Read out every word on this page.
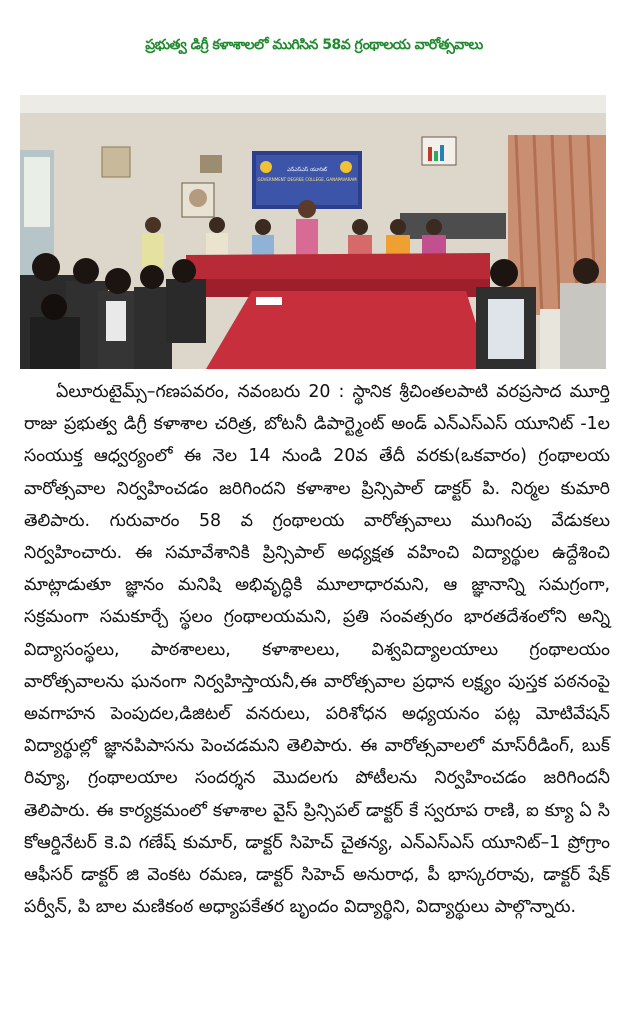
ప్రభుత్వ డిగ్రీ కళాశాలలో ముగిసిన 58వ గ్రంథాలయ వారోత్సవాలు
ఎన్ఎస్ఎస్ యూనిట్
GOVERNMENT DEGREE COLLEGE, GANAPAVARAM

ఏలూరుటైమ్స్–గణపవరం, నవంబరు 20 : స్థానిక శ్రీచింతలపాటి వరప్రసాద మూర్తి రాజు ప్రభుత్వ డిగ్రీ కళాశాల చరిత్ర, బోటనీ డిపార్ట్మెంట్ అండ్ ఎన్ఎస్ఎస్ యూనిట్ -1ల సంయుక్త ఆధ్వర్యంలో ఈ నెల 14 నుండి 20వ తేదీ వరకు(ఒకవారం) గ్రంథాలయ వారోత్సవాల నిర్వహించడం జరిగిందని కళాశాల ప్రిన్సిపాల్ డాక్టర్ పి. నిర్మల కుమారి తెలిపారు. గురువారం 58 వ గ్రంథాలయ వారోత్సవాలు ముగింపు వేడుకలు నిర్వహించారు. ఈ సమావేశానికి ప్రిన్సిపాల్ అధ్యక్షత వహించి విద్యార్థుల ఉద్దేశించి మాట్లాడుతూ జ్ఞానం మనిషి అభివృద్ధికి మూలాధారమని, ఆ జ్ఞానాన్ని సమగ్రంగా, సక్రమంగా సమకూర్చే స్థలం గ్రంథాలయమని, ప్రతి సంవత్సరం భారతదేశంలోని అన్ని విద్యాసంస్థలు, పాఠశాలలు, కళాశాలలు, విశ్వవిద్యాలయాలు గ్రంథాలయం వారోత్సవాలను ఘనంగా నిర్వహిస్తాయనీ,ఈ వారోత్సవాల ప్రధాన లక్ష్యం పుస్తక పఠనంపై అవగాహన పెంపుదల,డిజిటల్ వనరులు, పరిశోధన అధ్యయనం పట్ల మోటివేషన్ విద్యార్థుల్లో జ్ఞానపిపాసను పెంచడమని తెలిపారు. ఈ వారోత్సవాలలో మాస్‌రీడింగ్, బుక్ రివ్యూ, గ్రంథాలయాల సందర్శన మొదలగు పోటీలను నిర్వహించడం జరిగిందనీ తెలిపారు. ఈ కార్యక్రమంలో కళాశాల వైస్ ప్రిన్సిపల్ డాక్టర్ కే స్వరూప రాణి, ఐ క్యూ ఏ సి కోఆర్డినేటర్ కె.వి గణేష్ కుమార్, డాక్టర్ సిహెచ్ చైతన్య, ఎన్ఎస్ఎస్ యూనిట్–1 ప్రోగ్రాం ఆఫీసర్ డాక్టర్ జి వెంకట రమణ, డాక్టర్ సిహెచ్ అనురాధ, పీ భాస్కరరావు, డాక్టర్ షేక్ పర్వీన్, పి బాల మణికంఠ అధ్యాపకేతర బృందం విద్యార్థిని, విద్యార్థులు పాల్గొన్నారు.
